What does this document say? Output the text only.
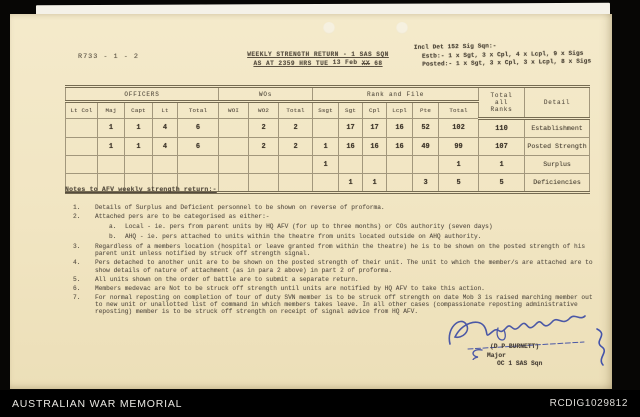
R733 - 1 - 2	WEEKLY STRENGTH RETURN - 1 SAS SQN
AS AT 2359 HRS TUE 13 Feb XX 68
Incl Det 152 Sig Sqn:-
Estb:- 1 x Sgt, 3 x Cpl, 4 x Lcpl, 9 x Sigs
Posted:- 1 x Sgt, 3 x Cpl, 3 x Lcpl, 8 x Sigs
OFFICERS					WOs			Rank and File						Total
all
Ranks	Detail
Lt Col	Maj	Capt	Lt	Total	WOI	WO2	Total	Ssgt	Sgt	Cpl	Lcpl	Pte	Total		
	1	1	4	6		2	2		17	17	16	52	102	110	Establishment
	1	1	4	6		2	2	1	16	16	16	49	99	107	Posted Strength
								1					1	1	Surplus
									1	1		3	5	5	Deficiencies
Notes to AFV weekly strength return:-
1.	Details of Surplus and Deficient personnel to be shown on reverse of proforma.
2.	Attached pers are to be categorised as either:-
a.	Local - ie. pers from parent units by HQ AFV (for up to three months) or COs authority (seven days)
b.	AHQ - ie. pers attached to units within the theatre from units located outside on AHQ authority.
3.	Regardless of a members location (hospital or leave granted from within the theatre) he is to be shown on the posted strength of his parent unit unless notified by struck off strength signal.
4.	Pers detached to another unit are to be shown on the posted strength of their unit. The unit to which the member/s are attached are to show details of nature of attachment (as in para 2 above) in part 2 of proforma.
5.	All units shown on the order of battle are to submit a separate return.
6.	Members medevac are Not to be struck off strength until units are notified by HQ AFV to take this action.
7.	For normal reposting on completion of tour of duty SVN member is to be struck off strength on date Mob 3 is raised marching member out to new unit or unallotted list of command in which members takes leave. In all other cases (compassionate reposting administrative reposting) member is to be struck off strength on receipt of signal advice from HQ AFV.
(D P BURNETT)
Major
OC 1 SAS Sqn
AUSTRALIAN WAR MEMORIAL	RCDIG1029812
